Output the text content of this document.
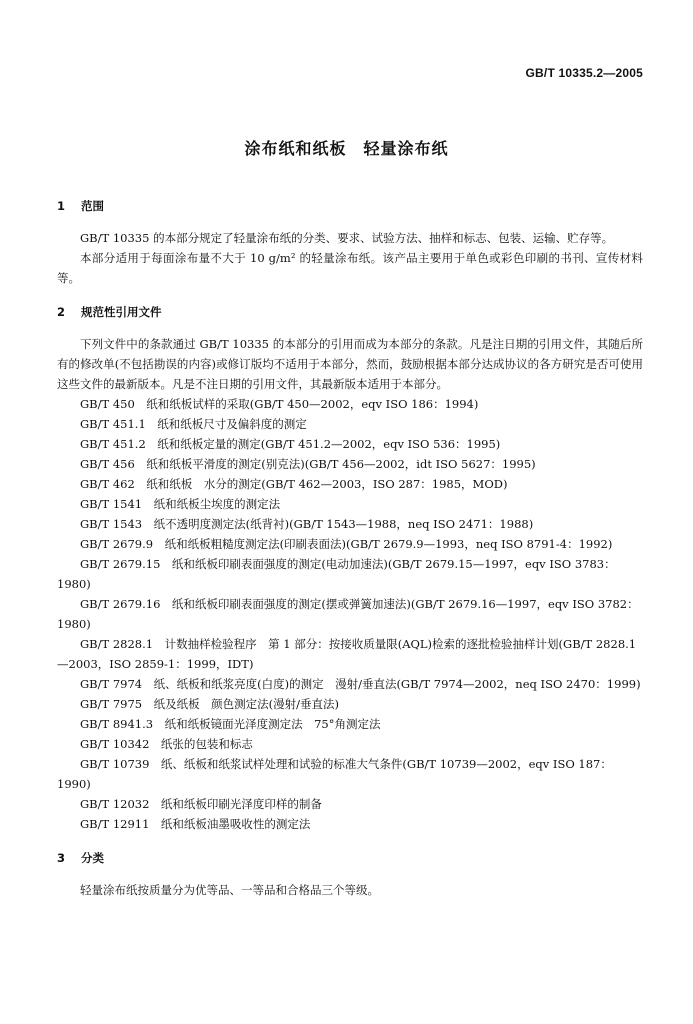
GB/T 10335.2—2005
涂布纸和纸板　轻量涂布纸

1 范围

GB/T 10335 的本部分规定了轻量涂布纸的分类、要求、试验方法、抽样和标志、包装、运输、贮存等。

本部分适用于每面涂布量不大于 10 g/m² 的轻量涂布纸。该产品主要用于单色或彩色印刷的书刊、宣传材料等。

2 规范性引用文件

下列文件中的条款通过 GB/T 10335 的本部分的引用而成为本部分的条款。凡是注日期的引用文件，其随后所有的修改单(不包括勘误的内容)或修订版均不适用于本部分，然而，鼓励根据本部分达成协议的各方研究是否可使用这些文件的最新版本。凡是不注日期的引用文件，其最新版本适用于本部分。

GB/T 450　纸和纸板试样的采取(GB/T 450—2002，eqv ISO 186：1994)
GB/T 451.1　纸和纸板尺寸及偏斜度的测定
GB/T 451.2　纸和纸板定量的测定(GB/T 451.2—2002，eqv ISO 536：1995)
GB/T 456　纸和纸板平滑度的测定(别克法)(GB/T 456—2002，idt ISO 5627：1995)
GB/T 462　纸和纸板　水分的测定(GB/T 462—2003，ISO 287：1985，MOD)
GB/T 1541　纸和纸板尘埃度的测定法
GB/T 1543　纸不透明度测定法(纸背衬)(GB/T 1543—1988，neq ISO 2471：1988)
GB/T 2679.9　纸和纸板粗糙度测定法(印刷表面法)(GB/T 2679.9—1993，neq ISO 8791-4：1992)
GB/T 2679.15　纸和纸板印刷表面强度的测定(电动加速法)(GB/T 2679.15—1997，eqv ISO 3783：1980)
GB/T 2679.16　纸和纸板印刷表面强度的测定(摆或弹簧加速法)(GB/T 2679.16—1997，eqv ISO 3782：1980)
GB/T 2828.1　计数抽样检验程序　第 1 部分：按接收质量限(AQL)检索的逐批检验抽样计划(GB/T 2828.1—2003，ISO 2859-1：1999，IDT)
GB/T 7974　纸、纸板和纸浆亮度(白度)的测定　漫射/垂直法(GB/T 7974—2002，neq ISO 2470：1999)
GB/T 7975　纸及纸板　颜色测定法(漫射/垂直法)
GB/T 8941.3　纸和纸板镜面光泽度测定法　75°角测定法
GB/T 10342　纸张的包装和标志
GB/T 10739　纸、纸板和纸浆试样处理和试验的标准大气条件(GB/T 10739—2002，eqv ISO 187：1990)
GB/T 12032　纸和纸板印刷光泽度印样的制备
GB/T 12911　纸和纸板油墨吸收性的测定法

3 分类

轻量涂布纸按质量分为优等品、一等品和合格品三个等级。
